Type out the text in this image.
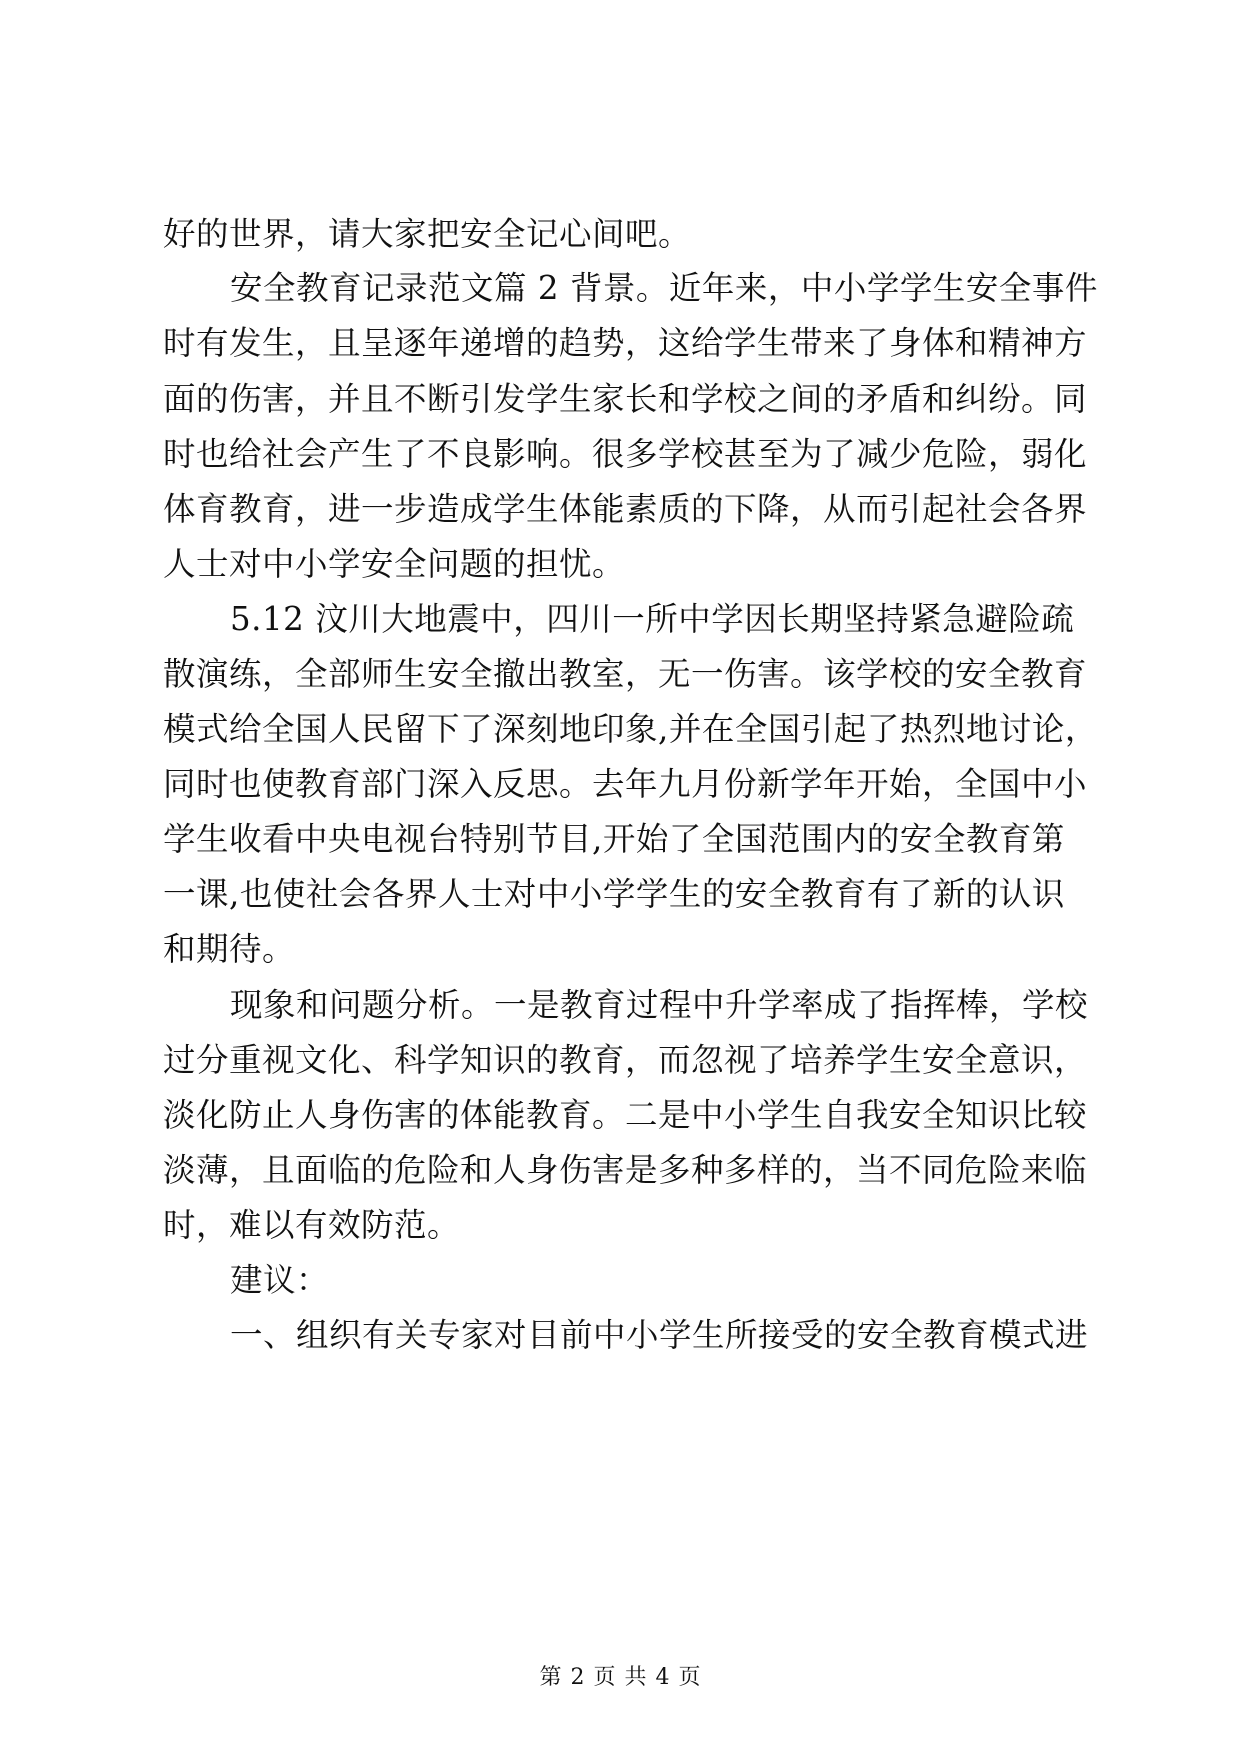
好的世界，请大家把安全记心间吧。
安全教育记录范文篇 2 背景。近年来，中小学学生安全事件
时有发生，且呈逐年递增的趋势，这给学生带来了身体和精神方
面的伤害，并且不断引发学生家长和学校之间的矛盾和纠纷。同
时也给社会产生了不良影响。很多学校甚至为了减少危险，弱化
体育教育，进一步造成学生体能素质的下降，从而引起社会各界
人士对中小学安全问题的担忧。
5.12 汶川大地震中，四川一所中学因长期坚持紧急避险疏
散演练，全部师生安全撤出教室，无一伤害。该学校的安全教育
模式给全国人民留下了深刻地印象,并在全国引起了热烈地讨论，
同时也使教育部门深入反思。去年九月份新学年开始，全国中小
学生收看中央电视台特别节目,开始了全国范围内的安全教育第
一课,也使社会各界人士对中小学学生的安全教育有了新的认识
和期待。
现象和问题分析。一是教育过程中升学率成了指挥棒，学校
过分重视文化、科学知识的教育，而忽视了培养学生安全意识，
淡化防止人身伤害的体能教育。二是中小学生自我安全知识比较
淡薄，且面临的危险和人身伤害是多种多样的，当不同危险来临
时，难以有效防范。
建议：
一、组织有关专家对目前中小学生所接受的安全教育模式进
第 2 页 共 4 页
